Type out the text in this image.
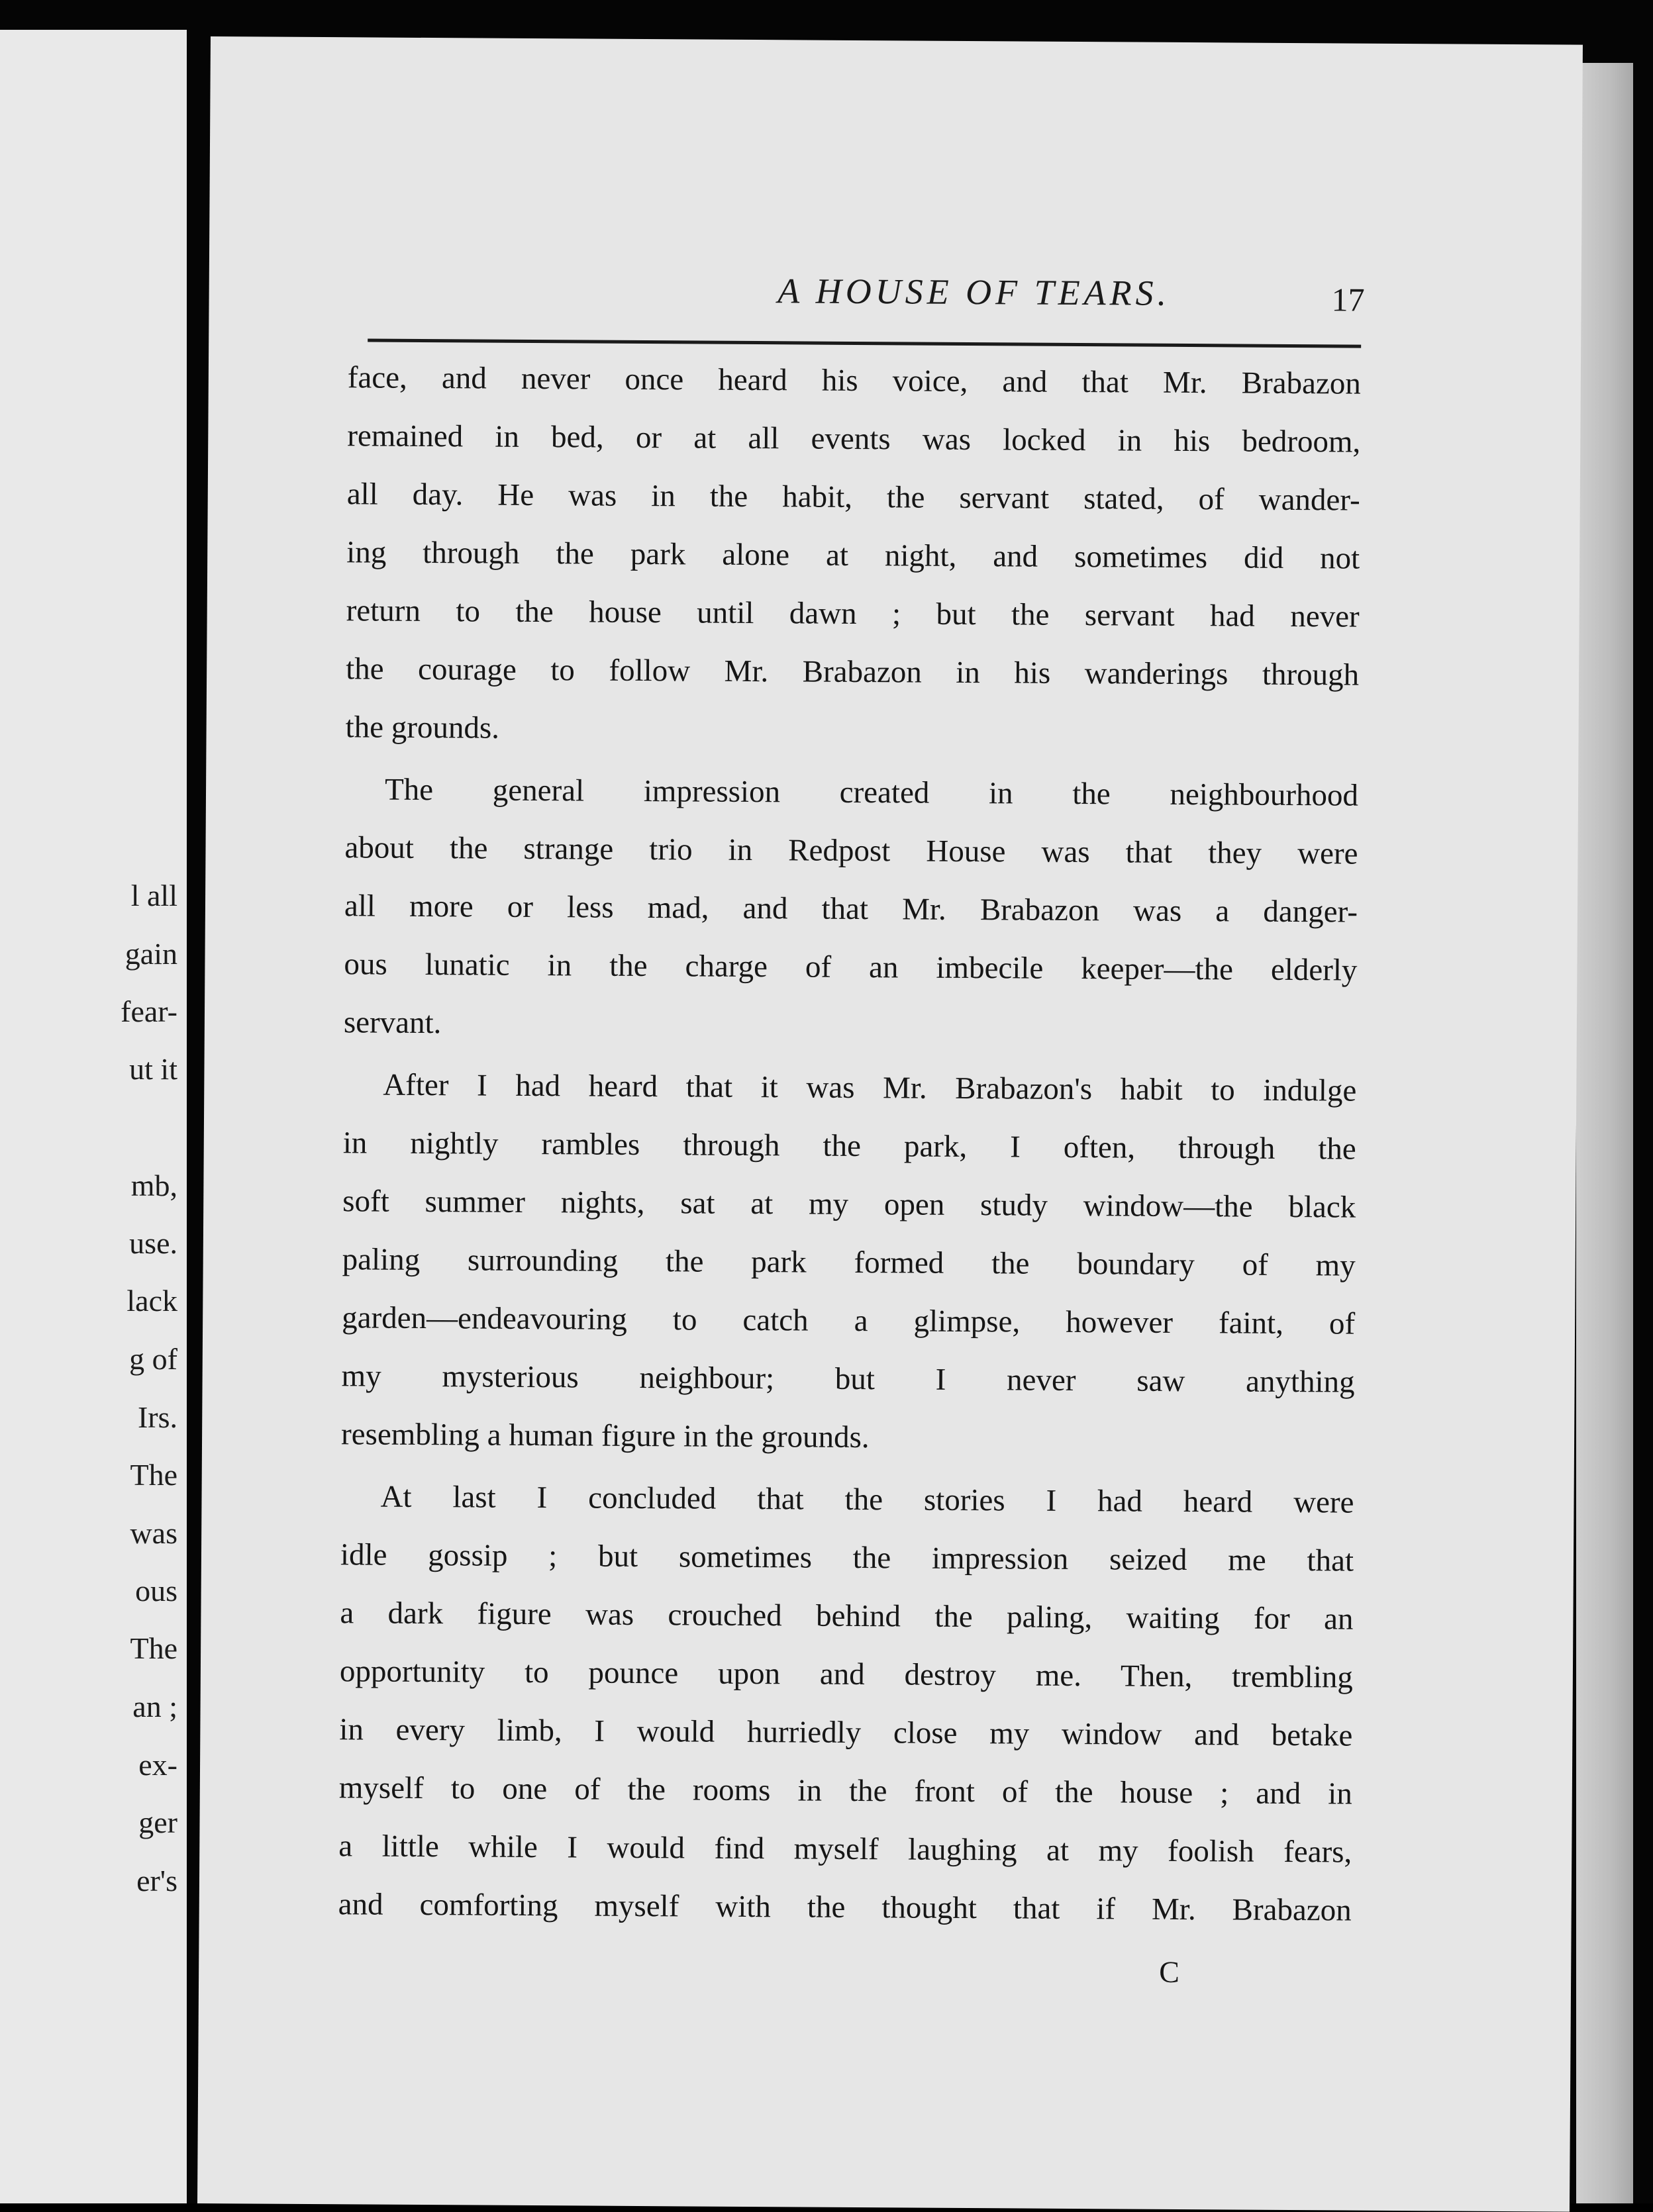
l all
gain
fear-
ut it
mb,
use.
lack
g of
Irs.
The
was
ous
The
an ;
ex-
ger
er's
A HOUSE OF TEARS.	17
face, and never once heard his voice, and that Mr. Brabazon
remained in bed, or at all events was locked in his bedroom,
all day. He was in the habit, the servant stated, of wander-
ing through the park alone at night, and sometimes did not
return to the house until dawn ; but the servant had never
the courage to follow Mr. Brabazon in his wanderings through
the grounds.
The general impression created in the neighbourhood
about the strange trio in Redpost House was that they were
all more or less mad, and that Mr. Brabazon was a danger-
ous lunatic in the charge of an imbecile keeper—the elderly
servant.
After I had heard that it was Mr. Brabazon's habit to indulge
in nightly rambles through the park, I often, through the
soft summer nights, sat at my open study window—the black
paling surrounding the park formed the boundary of my
garden—endeavouring to catch a glimpse, however faint, of
my mysterious neighbour; but I never saw anything
resembling a human figure in the grounds.
At last I concluded that the stories I had heard were
idle gossip ; but sometimes the impression seized me that
a dark figure was crouched behind the paling, waiting for an
opportunity to pounce upon and destroy me. Then, trembling
in every limb, I would hurriedly close my window and betake
myself to one of the rooms in the front of the house ; and in
a little while I would find myself laughing at my foolish fears,
and comforting myself with the thought that if Mr. Brabazon
C
